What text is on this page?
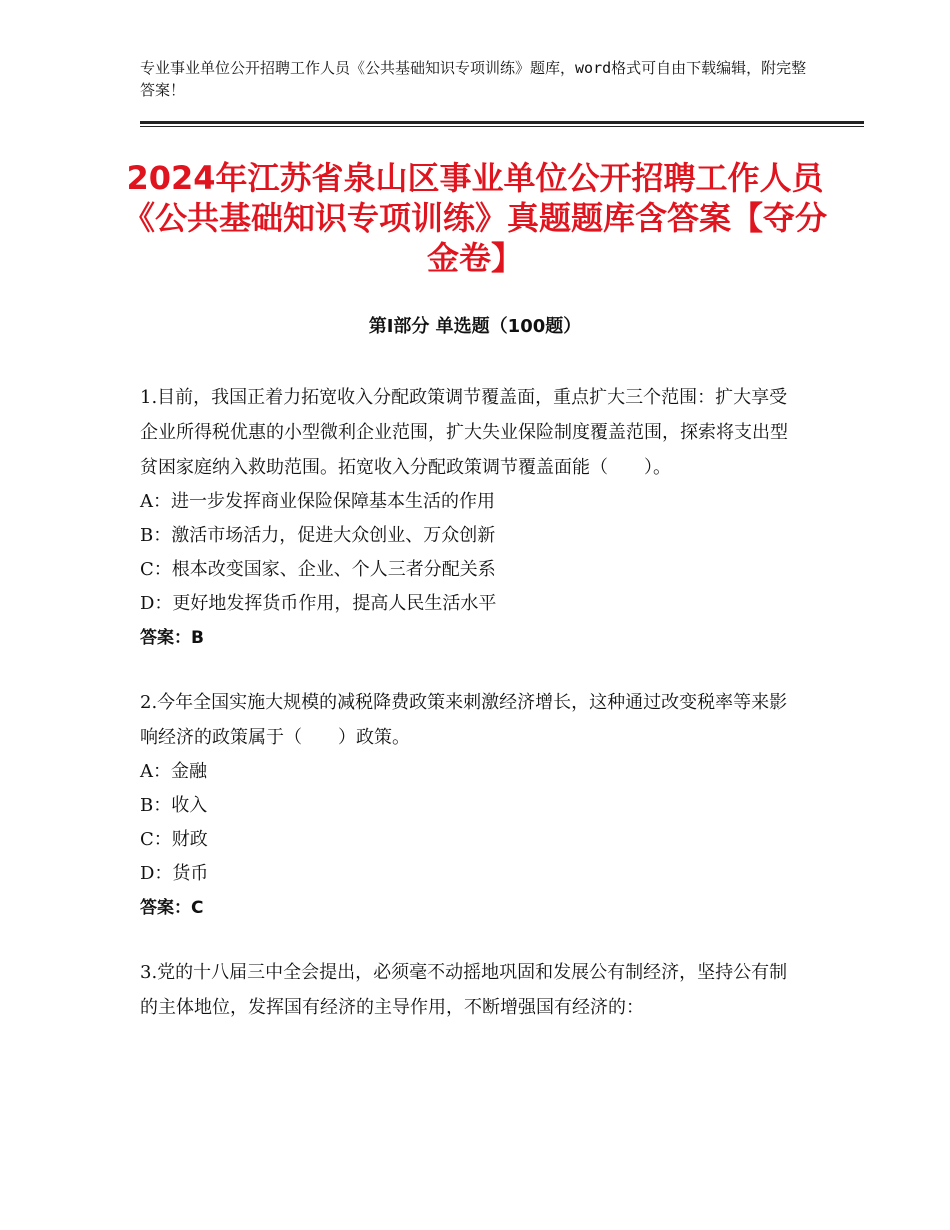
专业事业单位公开招聘工作人员《公共基础知识专项训练》题库，word格式可自由下载编辑，附完整答案！
2024年江苏省泉山区事业单位公开招聘工作人员《公共基础知识专项训练》真题题库含答案【夺分金卷】
第Ⅰ部分 单选题（100题）

1.目前，我国正着力拓宽收入分配政策调节覆盖面，重点扩大三个范围：扩大享受企业所得税优惠的小型微利企业范围，扩大失业保险制度覆盖范围，探索将支出型贫困家庭纳入救助范围。拓宽收入分配政策调节覆盖面能（　　）。

A：进一步发挥商业保险保障基本生活的作用

B：激活市场活力，促进大众创业、万众创新

C：根本改变国家、企业、个人三者分配关系

D：更好地发挥货币作用，提高人民生活水平

答案：B

2.今年全国实施大规模的减税降费政策来刺激经济增长，这种通过改变税率等来影响经济的政策属于（　　）政策。

A：金融

B：收入

C：财政

D：货币

答案：C

3.党的十八届三中全会提出，必须毫不动摇地巩固和发展公有制经济，坚持公有制的主体地位，发挥国有经济的主导作用，不断增强国有经济的：
